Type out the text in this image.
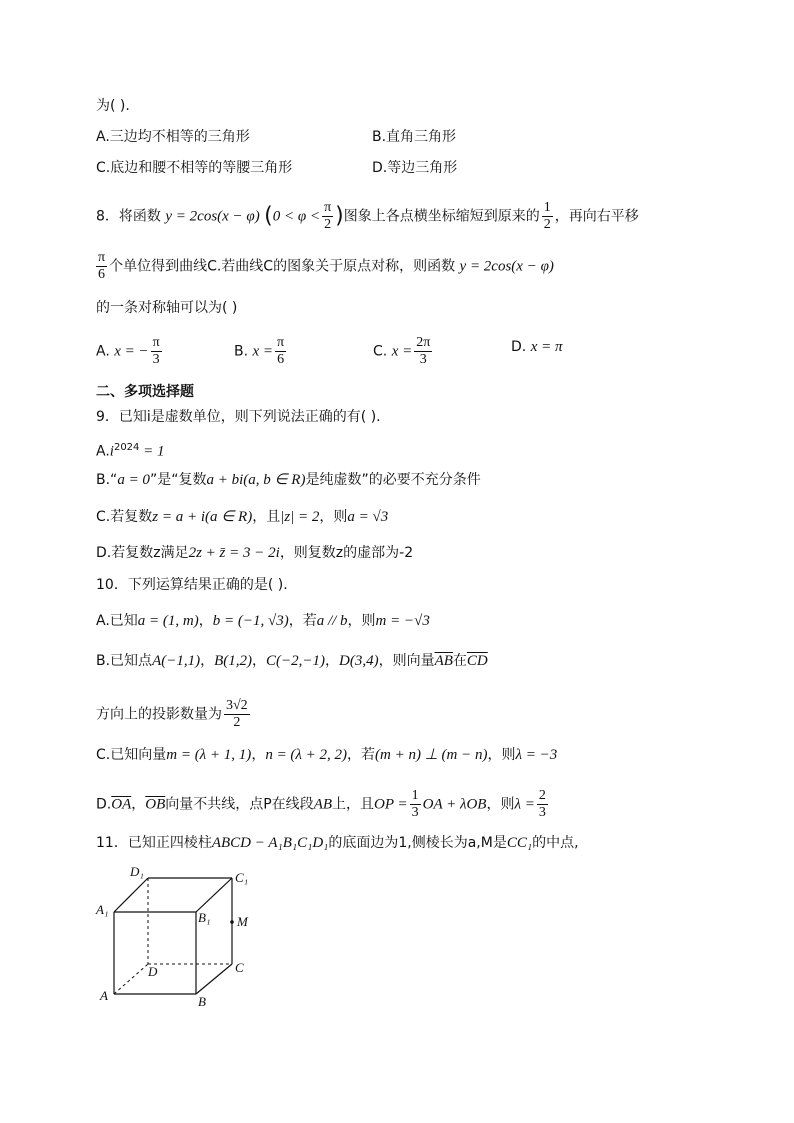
为( ).
A.三边均不相等的三角形	B.直角三角形
C.底边和腰不相等的等腰三角形	D.等边三角形
8．将函数 y = 2cos(x − φ) ($0 < \varphi < \frac{\pi}{2}$ )图象上各点横坐标缩短到原来的 $\frac{1}{2}$ ，再向右平移
$\frac{\pi}{6}$ 个单位得到曲线C.若曲线C的图象关于原点对称，则函数 y = 2cos(x − φ)
的一条对称轴可以为( )
A. x = − $\frac{\pi}{3}$	B. $x = \frac{\pi}{6}$	C. $x = \frac{2\pi}{3}$	D. x = π
二、多项选择题
9．已知i是虚数单位，则下列说法正确的有( ).
$A.i^{2024} = 1$
B.“a = 0”是“复数a + bi(a, b ∈ R)是纯虚数”的必要不充分条件
C.若复数z = a + i(a ∈ R)，且|z| = 2，则a = √3
D.若复数z满足2z + z̄ = 3 − 2i，则复数z的虚部为-2
10．下列运算结果正确的是( ).
A.已知a = (1, m)，b = (−1, √3)，若a // b，则m = −√3
B.已知点A(−1,1)，B(1,2)，C(−2,−1)，D(3,4)，则向量$\overline{AB}$在$\overline{CD}$
方向上的投影数量为 $\frac{3√2}{2}$
C.已知向量m = (λ + 1, 1)，n = (λ + 2, 2)，若(m + n) ⊥ (m − n)，则λ = −3
$D.\overline{OA}$，$\overline{OB}$向量不共线，点P在线段AB上，且OP = $\frac{1}{3}$ OA + λOB，则$\lambda = \frac{2}{3}$
11．已知正四棱柱ABCD − A₁B₁C₁D₁的底面边为1,侧棱长为a,M是CC₁的中点,
D₁	C₁
A₁
B₁ M
D	C
A	B
